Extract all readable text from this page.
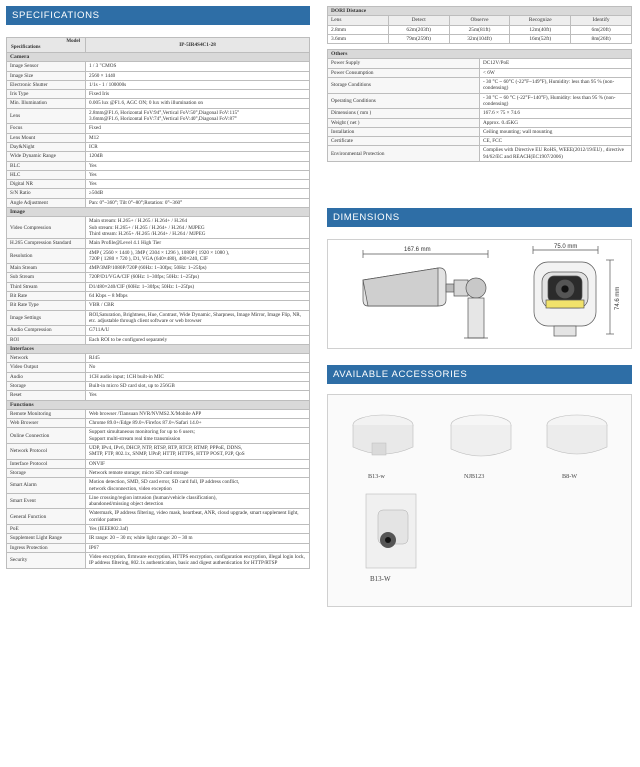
SPECIFICATIONS
Model
Specifications	IP-5IR4S4C1-28
Camera	
Image Sensor	1 / 3 "CMOS
Image Size	2560 × 1440
Electronic Shutter	1/1s - 1 / 100000s
Iris Type	Fixed Iris
Min. Illumination	0.005 lux @F1.6, AGC ON; 0 lux with illumination on
Lens	2.8mm@F1.6, Horizontal FoV:94°,Vertical FoV:50°,Diagonal FoV:115°
3.6mm@F1.6, Horizontal FoV:74°,Vertical FoV:40°,Diagonal FoV:87°
Focus	Fixed
Lens Mount	M12
Day&Night	ICR
Wide Dynamic Range	120dB
BLC	Yes
HLC	Yes
Digital NR	Yes
S/N Ratio	≥50dB
Angle Adjustment	Pan: 0°~360°; Tilt 0°~80°;Rotation: 0°~360°
Image	
Video Compression	Main stream: H.265+ / H.265 / H.264+ / H.264
Sub stream: H.265+ / H.265 / H.264+ / H.264 / MJPEG
Third stream: H.265+ /H.265 /H.264+ / H.264 / MJPEG
H.265 Compression Standard	Main Profile@Level 4.1 High Tier
Resolution	4MP ( 2560 × 1440 ), 3MP ( 2304 × 1296 ), 1080P ( 1920 × 1080 ),
720P ( 1280 × 720 ), D1, VGA (640×480), 480×240, CIF
Main Stream	4MP/3MP/1080P/720P (60Hz: 1~30fps; 50Hz: 1~25fps)
Sub Stream	720P/D1/VGA/CIF (60Hz: 1~30fps; 50Hz: 1~25fps)
Third Stream	D1/480×240/CIF (60Hz: 1~30fps; 50Hz: 1~25fps)
Bit Rate	64 Kbps ~ 8 Mbps
Bit Rate Type	VBR / CBR
Image Settings	ROI,Saturation, Brightness, Hue, Contrast, Wide Dynamic, Sharpness, Image Mirror, Image Flip, NR, etc. adjustable through client software or web browser
Audio Compression	G711A/U
ROI	Each ROI to be configured separately
Interfaces	
Network	RJ45
Video Output	No
Audio	1CH audio input; 1CH built-in MIC
Storage	Built-in micro SD card slot, up to 256GB
Reset	Yes
Functions	
Remote Monitoring	Web browser /Tiansuan NVR/NVMS2.X/Mobile APP
Web Browser	Chrome 89.0+/Edge 89.0+/Firefox 87.0+/Safari 14.0+
Online Connection	Support simultaneous monitoring for up to 6 users;
Support multi-stream real time transmission
Network Protocol	UDP, IPv4, IPv6, DHCP, NTP, RTSP, RTP, RTCP, RTMP, PPPoE, DDNS,
SMTP, FTP, 802.1x, SNMP, UPnP, HTTP, HTTPS, HTTP POST, P2P, QoS
Interface Protocol	ONVIF
Storage	Network remote storage; micro SD card storage
Smart Alarm	Motion detection, SMD, SD card error, SD card full, IP address conflict,
network disconnection, video exception
Smart Event	Line crossing/region intrusion (human/vehicle classification),
abandoned/missing object detection
General Function	Watermark, IP address filtering, video mask, heartbeat, ANR, cloud upgrade, smart supplement light, corridor pattern
PoE	Yes (IEEE802.3af)
Supplement Light Range	IR range: 20 ~ 30 m; white light range: 20 ~ 30 m
Ingress Protection	IP67
Security	Video encryption, firmware encryption, HTTPS encryption, configuration encryption, illegal login lock, IP address filtering, 802.1x authentication, basic and digest authentication for HTTP/RTSP
DORI Distance				
Lens	Detect	Observe	Recognize	Identify
2.8mm	62m(203ft)	25m(81ft)	12m(40ft)	6m(20ft)
3.6mm	79m(259ft)	32m(104ft)	16m(52ft)	8m(26ft)
Others	
Power Supply	DC12V/PoE
Power Consumption	< 6W
Storage Conditions	- 30 °C ~ 60°C (-22°F~149°F), Humidity: less than 95 % (non-condensing)
Operating Conditions	- 30 °C ~ 60 °C (-22°F~140°F), Humidity: less than 95 % (non-condensing)
Dimensions ( mm )	167.6 × 75 × 74.6
Weight ( net )	Approx. 0.45KG
Installation	Ceiling mounting; wall mounting
Certificate	CE, FCC
Environmental Protection	Complies with Directive EU RoHS, WEEE(2012/19/EU) , directive 94/62/EC and REACH(EC1907/2006)
DIMENSIONS
167.6 mm	75.0 mm
74.6 mm
AVAILABLE ACCESSORIES
B13-w	NJB123	B8-W
B13-W
